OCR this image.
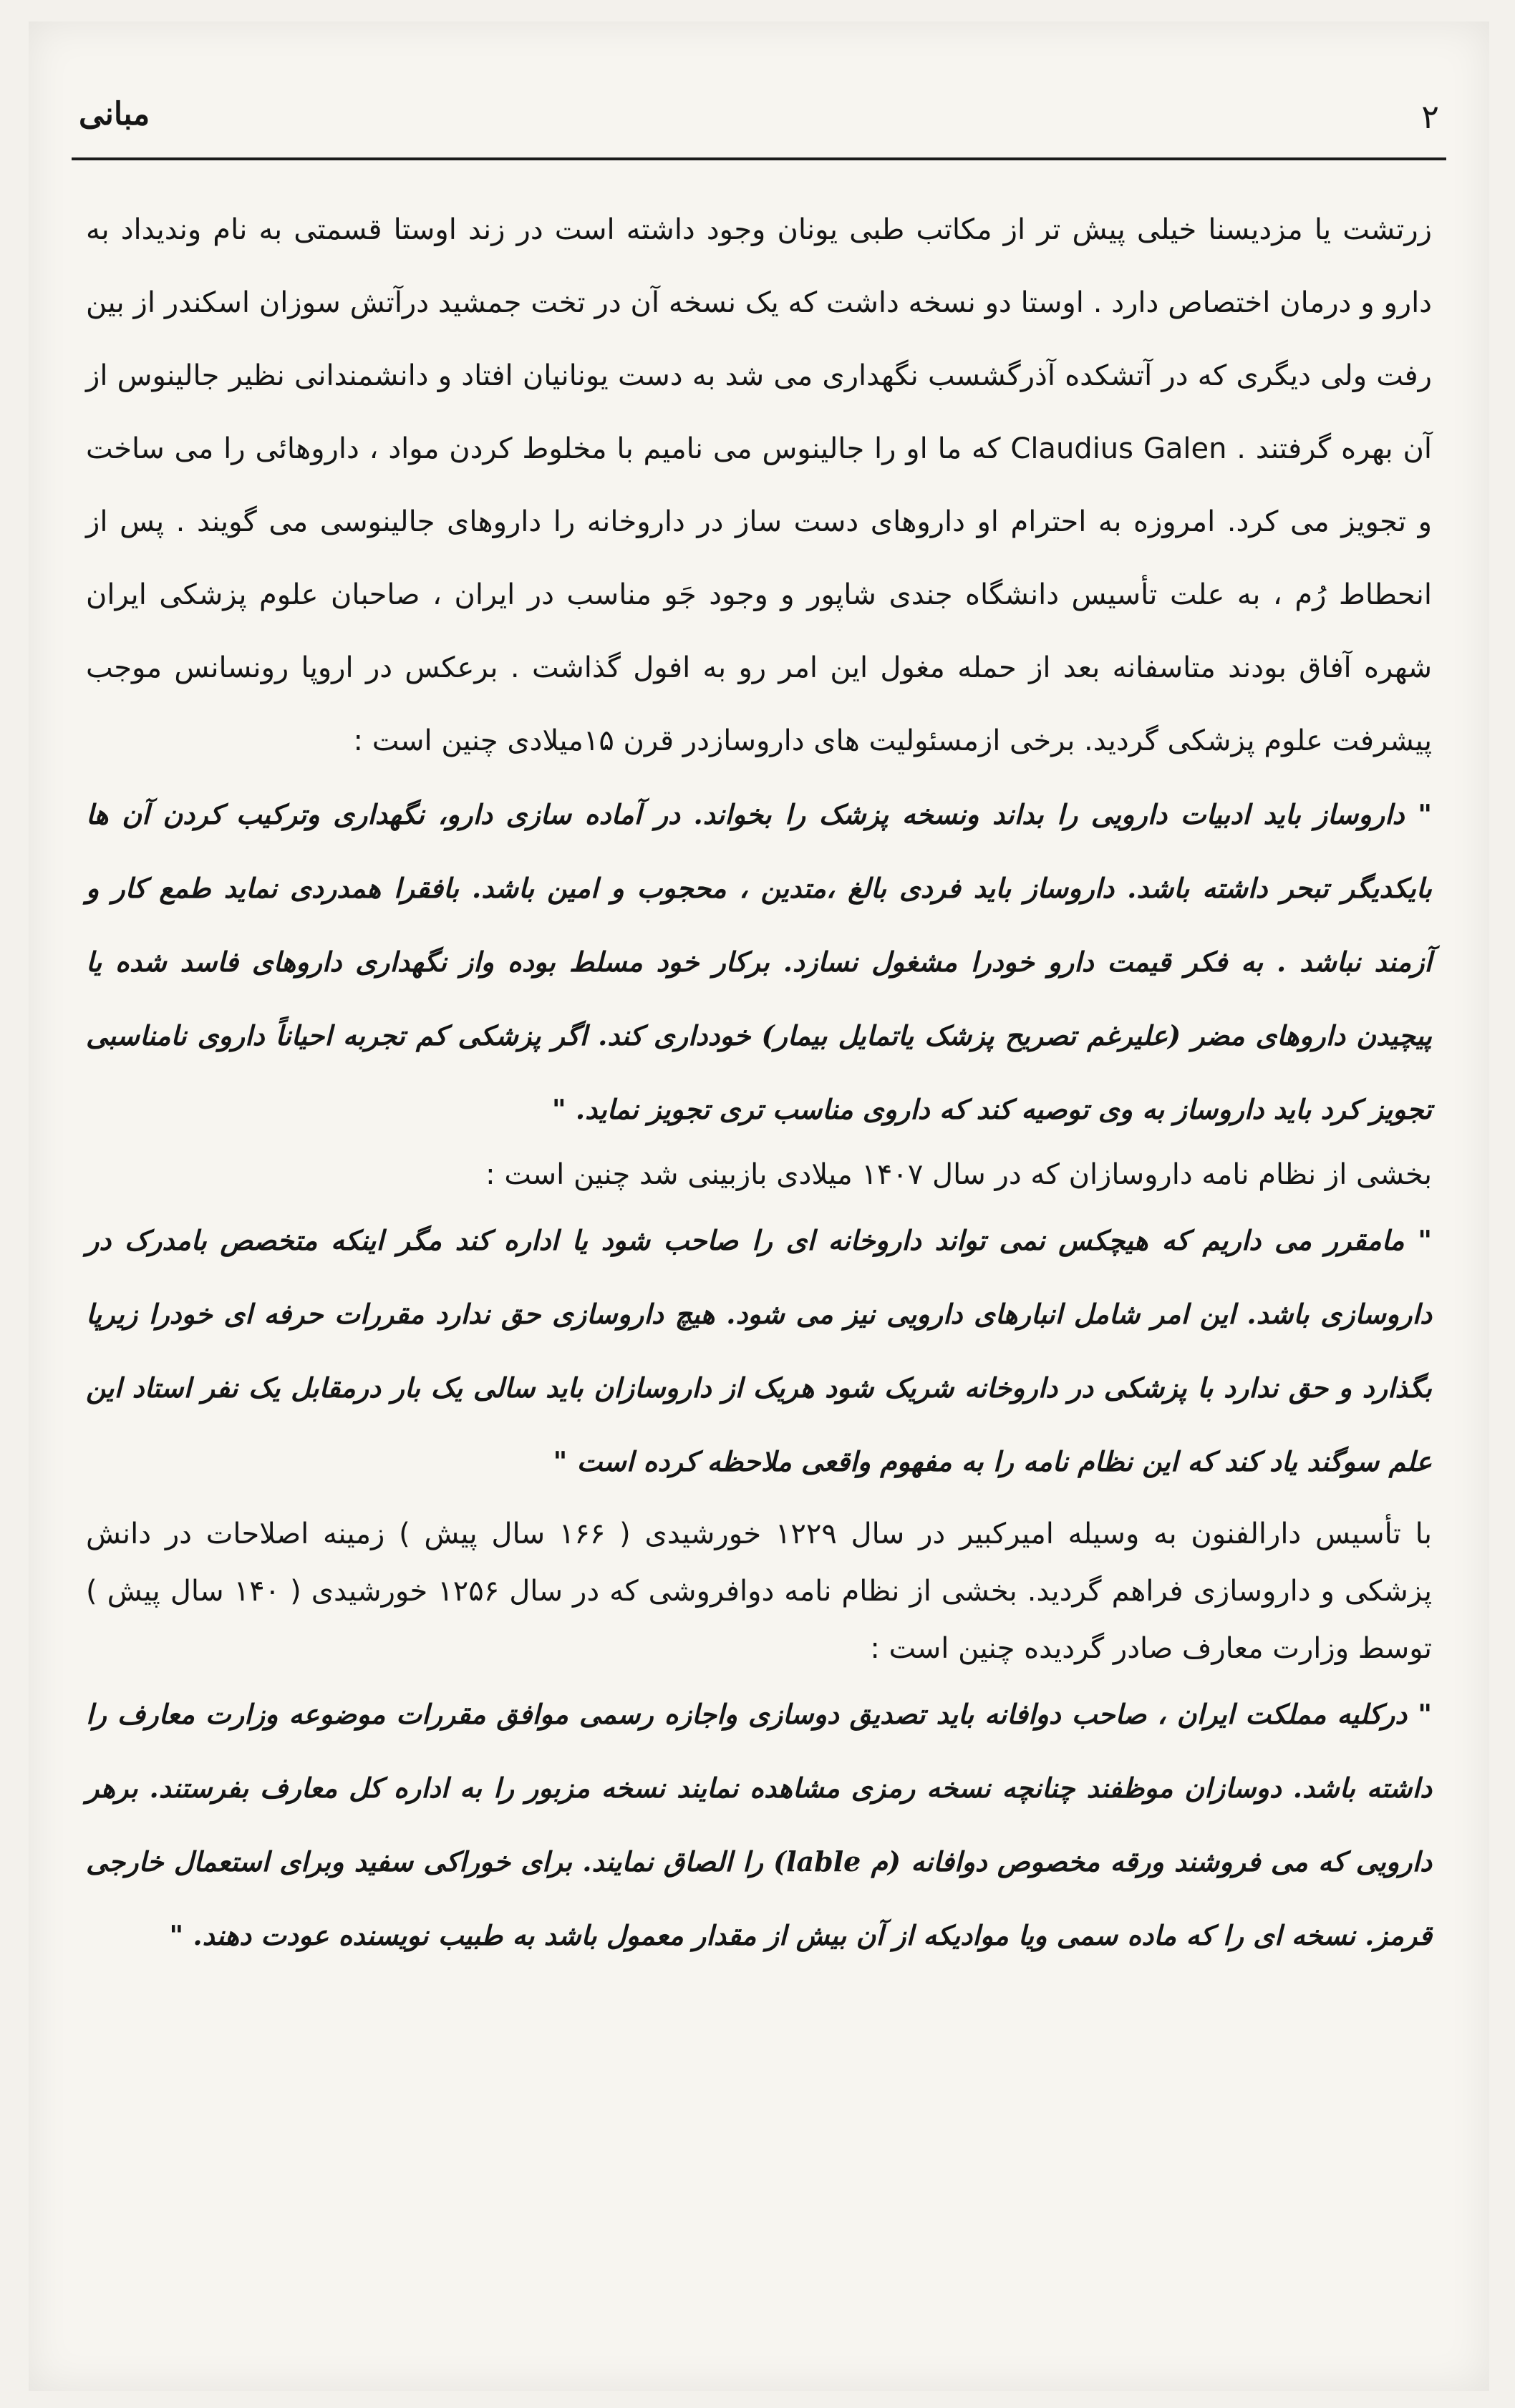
۲
مبانی

زرتشت یا مزدیسنا خیلی پیش تر از مکاتب طبی یونان وجود داشته است در زند اوستا قسمتی به نام وندیداد به دارو و درمان اختصاص دارد . اوستا دو نسخه داشت که یک نسخه آن در تخت جمشید درآتش سوزان اسکندر از بین رفت ولی دیگری که در آتشکده آذرگشسب نگهداری می شد به دست یونانیان افتاد و دانشمندانی نظیر جالینوس از آن بهره گرفتند . Claudius Galen که ما او را جالینوس می نامیم با مخلوط کردن مواد ، داروهائی را می ساخت و تجویز می کرد. امروزه به احترام او داروهای دست ساز در داروخانه را داروهای جالینوسی می گویند . پس از انحطاط رُم ، به علت تأسیس دانشگاه جندی شاپور و وجود جَو مناسب در ایران ، صاحبان علوم پزشکی ایران شهره آفاق بودند متاسفانه بعد از حمله مغول این امر رو به افول گذاشت . برعکس در اروپا رونسانس موجب پیشرفت علوم پزشکی گردید. برخی ازمسئولیت های داروسازدر قرن ۱۵میلادی چنین است :

" داروساز باید ادبیات دارویی را بداند ونسخه پزشک را بخواند. در آماده سازی دارو، نگهداری وترکیب کردن آن ها بایکدیگر تبحر داشته باشد. داروساز باید فردی بالغ ،متدین ، محجوب و امین باشد. بافقرا همدردی نماید طمع کار و آزمند نباشد . به فکر قیمت دارو خودرا مشغول نسازد. برکار خود مسلط بوده واز نگهداری داروهای فاسد شده یا پیچیدن داروهای مضر (علیرغم تصریح پزشک یاتمایل بیمار) خودداری کند. اگر پزشکی کم تجربه احیاناً داروی نامناسبی تجویز کرد باید داروساز به وی توصیه کند که داروی مناسب تری تجویز نماید. "

بخشی از نظام نامه داروسازان که در سال ۱۴۰۷ میلادی بازبینی شد چنین است :

" مامقرر می داریم که هیچکس نمی تواند داروخانه ای را صاحب شود یا اداره کند مگر اینکه متخصص بامدرک در داروسازی باشد. این امر شامل انبارهای دارویی نیز می شود. هیچ داروسازی حق ندارد مقررات حرفه ای خودرا زیرپا بگذارد و حق ندارد با پزشکی در داروخانه شریک شود هریک از داروسازان باید سالی یک بار درمقابل یک نفر استاد این علم سوگند یاد کند که این نظام نامه را به مفهوم واقعی ملاحظه کرده است "

با تأسیس دارالفنون به وسیله امیرکبیر در سال ۱۲۲۹ خورشیدی ( ۱۶۶ سال پیش ) زمینه اصلاحات در دانش پزشکی و داروسازی فراهم گردید. بخشی از نظام نامه دوافروشی که در سال ۱۲۵۶ خورشیدی ( ۱۴۰ سال پیش ) توسط وزارت معارف صادر گردیده چنین است :

" درکلیه مملکت ایران ، صاحب دوافانه باید تصدیق دوسازی واجازه رسمی موافق مقررات موضوعه وزارت معارف را داشته باشد. دوسازان موظفند چنانچه نسخه رمزی مشاهده نمایند نسخه مزبور را به اداره کل معارف بفرستند. برهر دارویی که می فروشند ورقه مخصوص دوافانه (م lable) را الصاق نمایند. برای خوراکی سفید وبرای استعمال خارجی قرمز. نسخه ای را که ماده سمی ویا موادیکه از آن بیش از مقدار معمول باشد به طبیب نویسنده عودت دهند. "
